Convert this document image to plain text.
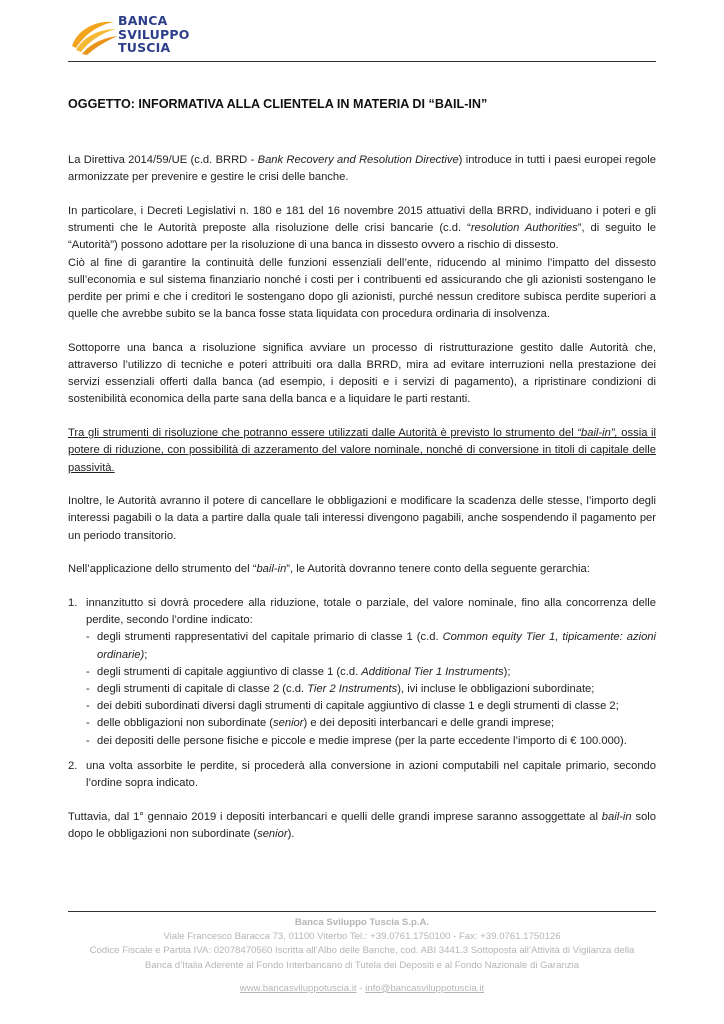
BANCA
SVILUPPO
TUSCIA
OGGETTO: INFORMATIVA ALLA CLIENTELA IN MATERIA DI “BAIL-IN”

La Direttiva 2014/59/UE (c.d. BRRD - Bank Recovery and Resolution Directive) introduce in tutti i paesi europei regole armonizzate per prevenire e gestire le crisi delle banche.

In particolare, i Decreti Legislativi n. 180 e 181 del 16 novembre 2015 attuativi della BRRD, individuano i poteri e gli strumenti che le Autorità preposte alla risoluzione delle crisi bancarie (c.d. “resolution Authorities”, di seguito le “Autorità”) possono adottare per la risoluzione di una banca in dissesto ovvero a rischio di dissesto.

Ciò al fine di garantire la continuità delle funzioni essenziali dell’ente, riducendo al minimo l’impatto del dissesto sull’economia e sul sistema finanziario nonché i costi per i contribuenti ed assicurando che gli azionisti sostengano le perdite per primi e che i creditori le sostengano dopo gli azionisti, purché nessun creditore subisca perdite superiori a quelle che avrebbe subito se la banca fosse stata liquidata con procedura ordinaria di insolvenza.

Sottoporre una banca a risoluzione significa avviare un processo di ristrutturazione gestito dalle Autorità che, attraverso l’utilizzo di tecniche e poteri attribuiti ora dalla BRRD, mira ad evitare interruzioni nella prestazione dei servizi essenziali offerti dalla banca (ad esempio, i depositi e i servizi di pagamento), a ripristinare condizioni di sostenibilità economica della parte sana della banca e a liquidare le parti restanti.

Tra gli strumenti di risoluzione che potranno essere utilizzati dalle Autorità è previsto lo strumento del “bail-in”, ossia il potere di riduzione, con possibilità di azzeramento del valore nominale, nonché di conversione in titoli di capitale delle passività.

Inoltre, le Autorità avranno il potere di cancellare le obbligazioni e modificare la scadenza delle stesse, l’importo degli interessi pagabili o la data a partire dalla quale tali interessi divengono pagabili, anche sospendendo il pagamento per un periodo transitorio.

Nell’applicazione dello strumento del “bail-in”, le Autorità dovranno tenere conto della seguente gerarchia:

1. innanzitutto si dovrà procedere alla riduzione, totale o parziale, del valore nominale, fino alla concorrenza delle perdite, secondo l’ordine indicato:
- degli strumenti rappresentativi del capitale primario di classe 1 (c.d. Common equity Tier 1, tipicamente: azioni ordinarie);
- degli strumenti di capitale aggiuntivo di classe 1 (c.d. Additional Tier 1 Instruments);
- degli strumenti di capitale di classe 2 (c.d. Tier 2 Instruments), ivi incluse le obbligazioni subordinate;
- dei debiti subordinati diversi dagli strumenti di capitale aggiuntivo di classe 1 e degli strumenti di classe 2;
- delle obbligazioni non subordinate (senior) e dei depositi interbancari e delle grandi imprese;
- dei depositi delle persone fisiche e piccole e medie imprese (per la parte eccedente l’importo di € 100.000).
2. una volta assorbite le perdite, si procederà alla conversione in azioni computabili nel capitale primario, secondo l’ordine sopra indicato.

Tuttavia, dal 1° gennaio 2019 i depositi interbancari e quelli delle grandi imprese saranno assoggettate al bail-in solo dopo le obbligazioni non subordinate (senior).

Banca Sviluppo Tuscia S.p.A.
Viale Francesco Baracca 73, 01100 Viterbo Tel.: +39.0761.1750100 - Fax: +39.0761.1750126
Codice Fiscale e Partita IVA: 02078470560 Iscritta all’Albo delle Banche, cod. ABI 3441.3 Sottoposta all’Attività di Vigilanza della
Banca d’Italia Aderente al Fondo Interbancario di Tutela dei Depositi e al Fondo Nazionale di Garanzia
www.bancasviluppotuscia.it - info@bancasviluppotuscia.it
